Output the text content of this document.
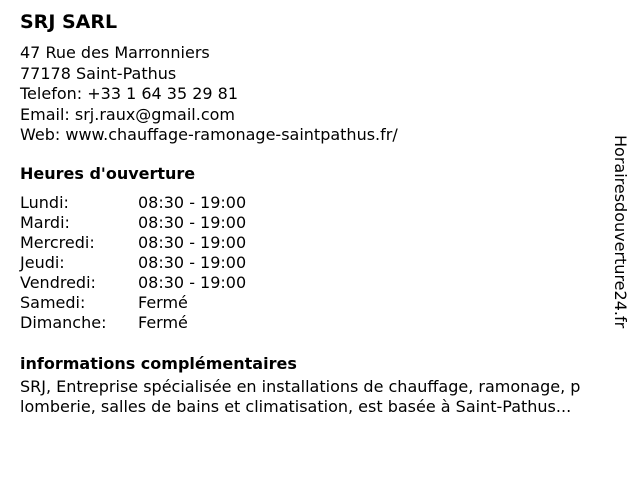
SRJ SARL
47 Rue des Marronniers
77178 Saint-Pathus
Telefon: +33 1 64 35 29 81
Email: srj.raux@gmail.com
Web: www.chauffage-ramonage-saintpathus.fr/
Heures d'ouverture
Lundi:	08:30 - 19:00
Mardi:	08:30 - 19:00
Mercredi:	08:30 - 19:00
Jeudi:	08:30 - 19:00
Vendredi:	08:30 - 19:00
Samedi:	Fermé
Dimanche: Fermé
informations complémentaires
SRJ, Entreprise spécialisée en installations de chauffage, ramonage, p
lomberie, salles de bains et climatisation, est basée à Saint-Pathus...
Horairesdouverture24.fr
